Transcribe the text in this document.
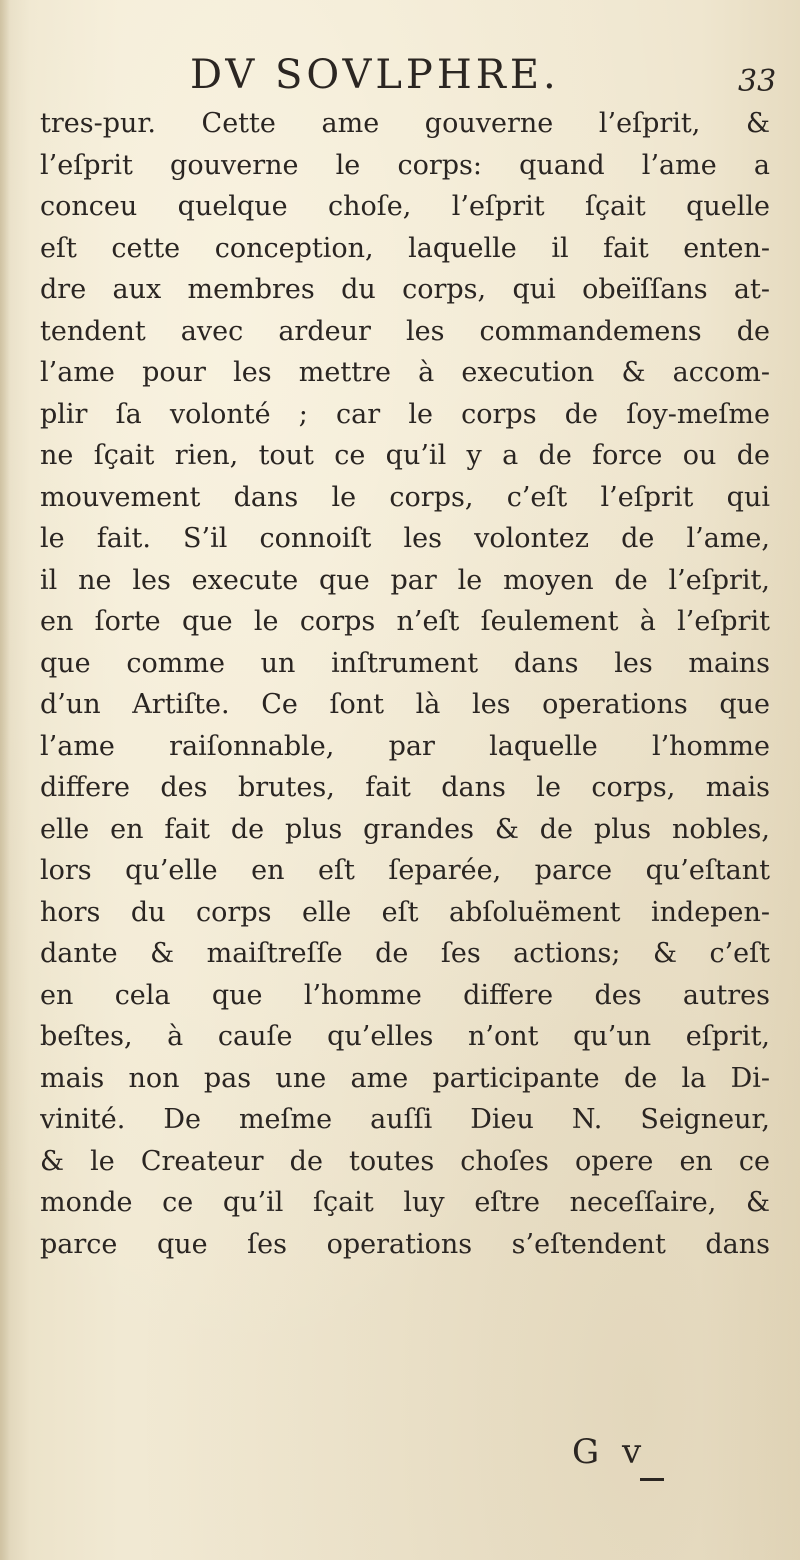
DV SOVLPHRE.	33
tres-pur. Cette ame gouverne l’eſprit, &
l’eſprit gouverne le corps: quand l’ame a
conceu quelque choſe, l’eſprit ſçait quelle
eſt cette conception, laquelle il fait enten-
dre aux membres du corps, qui obeïſſans at-
tendent avec ardeur les commandemens de
l’ame pour les mettre à execution & accom-
plir ſa volonté ; car le corps de ſoy-meſme
ne ſçait rien, tout ce qu’il y a de force ou de
mouvement dans le corps, c’eſt l’eſprit qui
le fait. S’il connoiſt les volontez de l’ame,
il ne les execute que par le moyen de l’eſprit,
en ſorte que le corps n’eſt ſeulement à l’eſprit
que comme un inſtrument dans les mains
d’un Artiſte. Ce ſont là les operations que
l’ame raiſonnable, par laquelle l’homme
differe des brutes, fait dans le corps, mais
elle en fait de plus grandes & de plus nobles,
lors qu’elle en eſt ſeparée, parce qu’eſtant
hors du corps elle eſt abſoluëment indepen-
dante & maiſtreſſe de ſes actions; & c’eſt
en cela que l’homme differe des autres
beſtes, à cauſe qu’elles n’ont qu’un eſprit,
mais non pas une ame participante de la Di-
vinité. De meſme auſſi Dieu N. Seigneur,
& le Createur de toutes choſes opere en ce
monde ce qu’il ſçait luy eſtre neceſſaire, &
parce que ſes operations s’eſtendent dans
G v
